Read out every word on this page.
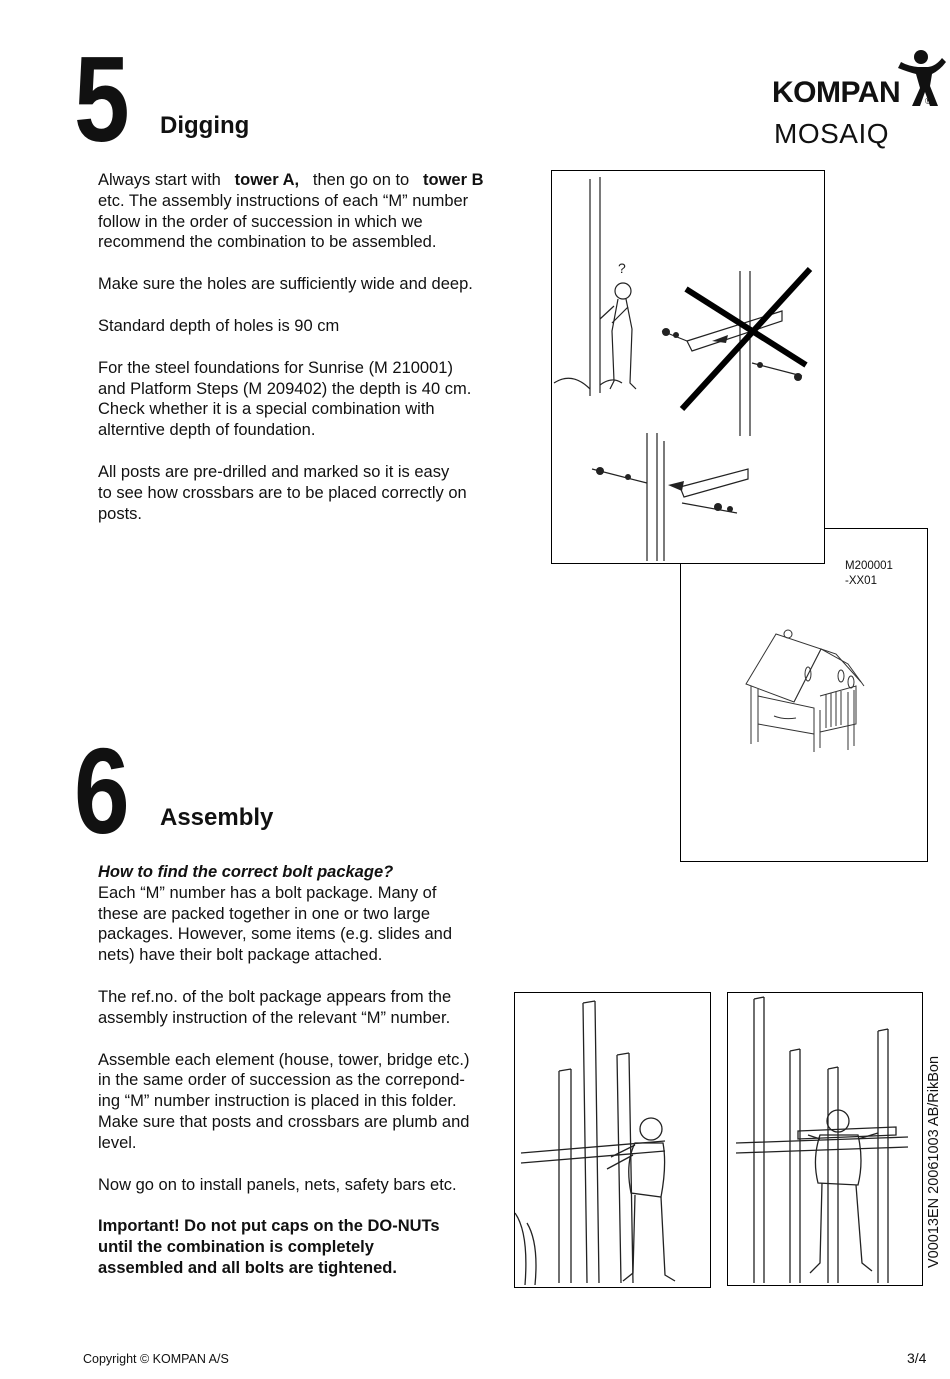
5 Digging
KOMPAN	®
MOSAIQ

Always start with tower A, then go on to tower B
etc. The assembly instructions of each “M” number
follow in the order of succession in which we
recommend the combination to be assembled.

Make sure the holes are sufficiently wide and deep.

Standard depth of holes is 90 cm

For the steel foundations for Sunrise (M 210001)
and Platform Steps (M 209402) the depth is 40 cm.
Check whether it is a special combination with
alterntive depth of foundation.

All posts are pre-drilled and marked so it is easy
to see how crossbars are to be placed correctly on
posts.

M200001
-XX01
?
6 Assembly

How to find the correct bolt package?
Each “M” number has a bolt package. Many of
these are packed together in one or two large
packages. However, some items (e.g. slides and
nets) have their bolt package attached.

The ref.no. of the bolt package appears from the
assembly instruction of the relevant “M” number.

Assemble each element (house, tower, bridge etc.)
in the same order of succession as the correpond-
ing “M” number instruction is placed in this folder.
Make sure that posts and crossbars are plumb and
level.

Now go on to install panels, nets, safety bars etc.

Important! Do not put caps on the DO-NUTs
until the combination is completely
assembled and all bolts are tightened.	V00013EN 20061003 AB/RikBon
Copyright © KOMPAN A/S	3/4
